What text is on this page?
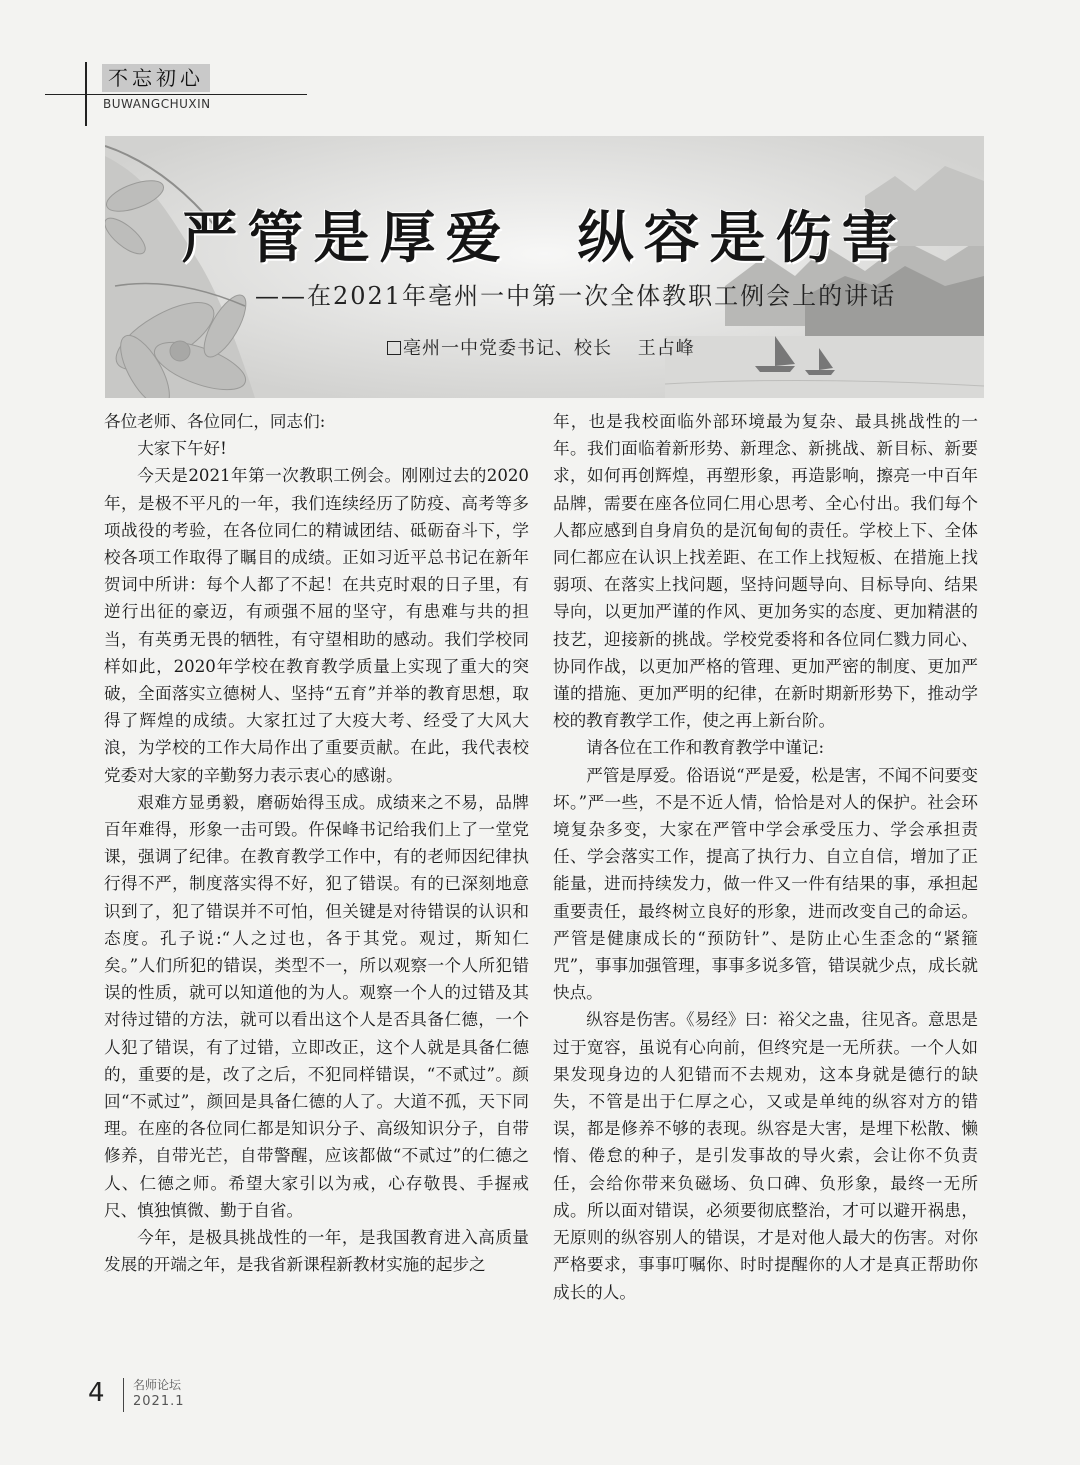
不忘初心
BUWANGCHUXIN
严管是厚爱　纵容是伤害
——在2021年亳州一中第一次全体教职工例会上的讲话
亳州一中党委书记、校长　 王占峰

各位老师、各位同仁，同志们:

大家下午好!

今天是2021年第一次教职工例会。刚刚过去的2020年，是极不平凡的一年，我们连续经历了防疫、高考等多项战役的考验，在各位同仁的精诚团结、砥砺奋斗下，学校各项工作取得了瞩目的成绩。正如习近平总书记在新年贺词中所讲：每个人都了不起！在共克时艰的日子里，有逆行出征的豪迈，有顽强不屈的坚守，有患难与共的担当，有英勇无畏的牺牲，有守望相助的感动。我们学校同样如此，2020年学校在教育教学质量上实现了重大的突破，全面落实立德树人、坚持“五育”并举的教育思想，取得了辉煌的成绩。大家扛过了大疫大考、经受了大风大浪，为学校的工作大局作出了重要贡献。在此，我代表校党委对大家的辛勤努力表示衷心的感谢。

艰难方显勇毅，磨砺始得玉成。成绩来之不易，品牌百年难得，形象一击可毁。仵保峰书记给我们上了一堂党课，强调了纪律。在教育教学工作中，有的老师因纪律执行得不严，制度落实得不好，犯了错误。有的已深刻地意识到了，犯了错误并不可怕，但关键是对待错误的认识和态度。孔子说:“人之过也，各于其党。观过，斯知仁矣。”人们所犯的错误，类型不一，所以观察一个人所犯错误的性质，就可以知道他的为人。观察一个人的过错及其对待过错的方法，就可以看出这个人是否具备仁德，一个人犯了错误，有了过错，立即改正，这个人就是具备仁德的，重要的是，改了之后，不犯同样错误，“不贰过”。颜回“不贰过”，颜回是具备仁德的人了。大道不孤，天下同理。在座的各位同仁都是知识分子、高级知识分子，自带修养，自带光芒，自带警醒，应该都做“不贰过”的仁德之人、仁德之师。希望大家引以为戒，心存敬畏、手握戒尺、慎独慎微、勤于自省。

今年，是极具挑战性的一年，是我国教育进入高质量发展的开端之年，是我省新课程新教材实施的起步之

年，也是我校面临外部环境最为复杂、最具挑战性的一年。我们面临着新形势、新理念、新挑战、新目标、新要求，如何再创辉煌，再塑形象，再造影响，擦亮一中百年品牌，需要在座各位同仁用心思考、全心付出。我们每个人都应感到自身肩负的是沉甸甸的责任。学校上下、全体同仁都应在认识上找差距、在工作上找短板、在措施上找弱项、在落实上找问题，坚持问题导向、目标导向、结果导向，以更加严谨的作风、更加务实的态度、更加精湛的技艺，迎接新的挑战。学校党委将和各位同仁戮力同心、协同作战，以更加严格的管理、更加严密的制度、更加严谨的措施、更加严明的纪律，在新时期新形势下，推动学校的教育教学工作，使之再上新台阶。

请各位在工作和教育教学中谨记:

严管是厚爱。俗语说“严是爱，松是害，不闻不问要变坏。”严一些，不是不近人情，恰恰是对人的保护。社会环境复杂多变，大家在严管中学会承受压力、学会承担责任、学会落实工作，提高了执行力、自立自信，增加了正能量，进而持续发力，做一件又一件有结果的事，承担起重要责任，最终树立良好的形象，进而改变自己的命运。严管是健康成长的“预防针”、是防止心生歪念的“紧箍咒”，事事加强管理，事事多说多管，错误就少点，成长就快点。

纵容是伤害。《易经》曰：裕父之蛊，往见吝。意思是过于宽容，虽说有心向前，但终究是一无所获。一个人如果发现身边的人犯错而不去规劝，这本身就是德行的缺失，不管是出于仁厚之心，又或是单纯的纵容对方的错误，都是修养不够的表现。纵容是大害，是埋下松散、懒惰、倦怠的种子，是引发事故的导火索，会让你不负责任，会给你带来负磁场、负口碑、负形象，最终一无所成。所以面对错误，必须要彻底整治，才可以避开祸患，无原则的纵容别人的错误，才是对他人最大的伤害。对你严格要求，事事叮嘱你、时时提醒你的人才是真正帮助你成长的人。

4 名师论坛
2021.1
